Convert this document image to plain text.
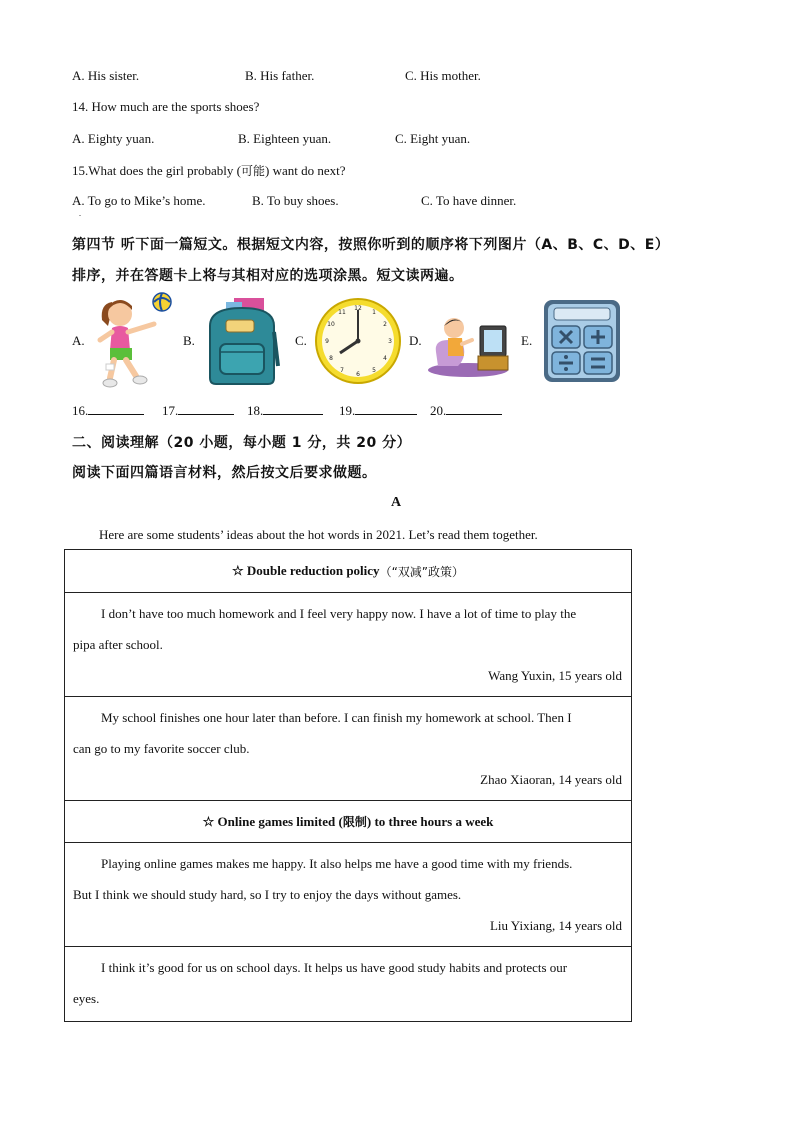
A. His sister.	B. His father.	C. His mother.
14. How much are the sports shoes?
A. Eighty yuan.	B. Eighteen yuan.	C. Eight yuan.
15.What does the girl probably (可能) want do next?
A. To go to Mike’s home.	B. To buy shoes.	C. To have dinner.
.
第四节 听下面一篇短文。根据短文内容，按照你听到的顺序将下列图片（A、B、C、D、E）
排序，并在答题卡上将与其相对应的选项涂黑。短文读两遍。
A.	B.	C.
12
1
2
3
4
5
6
7
8
9
10
11
D.	E.
16.	17.	18.	19.	20.
二、阅读理解（20 小题，每小题 1 分，共 20 分）
阅读下面四篇语言材料，然后按文后要求做题。
A
Here are some students’ ideas about the hot words in 2021. Let’s read them together.
☆ Double reduction policy （“双减”政策）
I don’t have too much homework and I feel very happy now. I have a lot of time to play the
pipa after school.
Wang Yuxin, 15 years old
My school finishes one hour later than before. I can finish my homework at school. Then I
can go to my favorite soccer club.
Zhao Xiaoran, 14 years old
☆ Online games limited (限制) to three hours a week
Playing online games makes me happy. It also helps me have a good time with my friends.
But I think we should study hard, so I try to enjoy the days without games.
Liu Yixiang, 14 years old
I think it’s good for us on school days. It helps us have good study habits and protects our
eyes.
